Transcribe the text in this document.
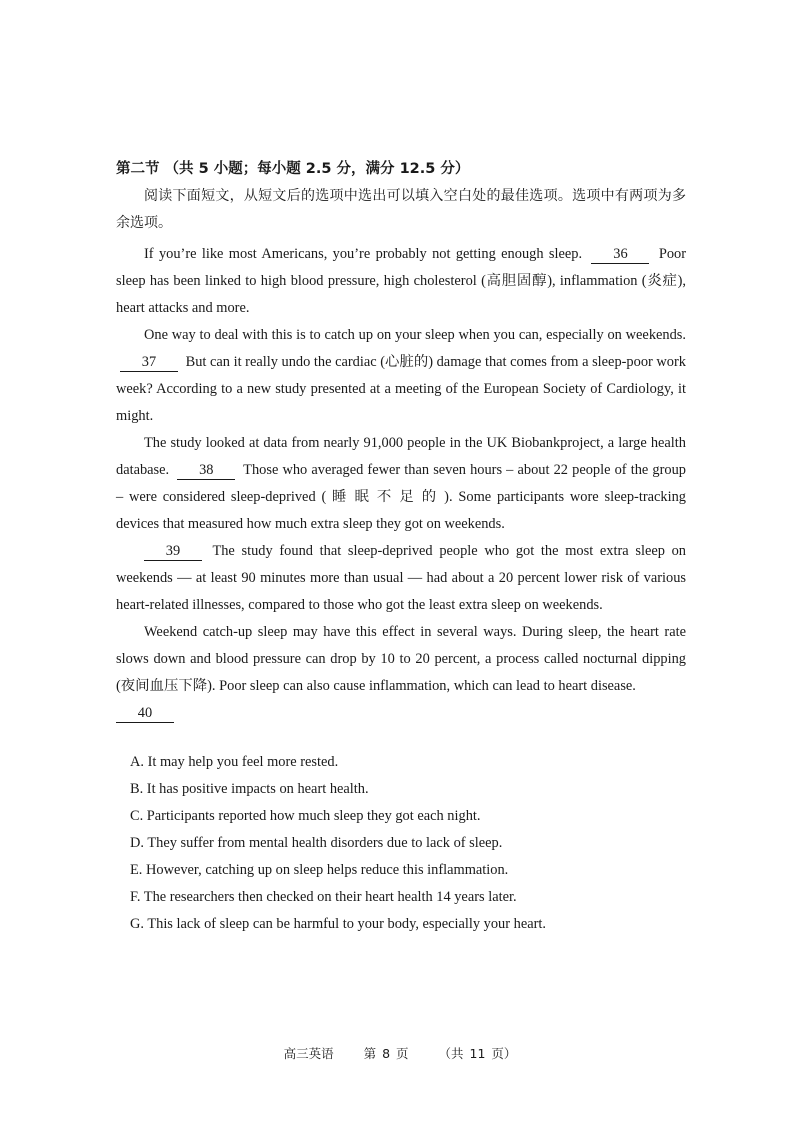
第二节 （共 5 小题；每小题 2.5 分，满分 12.5 分）

阅读下面短文，从短文后的选项中选出可以填入空白处的最佳选项。选项中有两项为多余选项。

If you’re like most Americans, you’re probably not getting enough sleep. 36 Poor sleep has been linked to high blood pressure, high cholesterol (高胆固醇), inflammation (炎症), heart attacks and more.

One way to deal with this is to catch up on your sleep when you can, especially on weekends. 37 But can it really undo the cardiac (心脏的) damage that comes from a sleep-poor work week? According to a new study presented at a meeting of the European Society of Cardiology, it might.

The study looked at data from nearly 91,000 people in the UK Biobankproject, a large health database. 38 Those who averaged fewer than seven hours – about 22 people of the group – were considered sleep-deprived ( 睡 眠 不 足 的 ). Some participants wore sleep-tracking devices that measured how much extra sleep they got on weekends.

39 The study found that sleep-deprived people who got the most extra sleep on weekends — at least 90 minutes more than usual — had about a 20 percent lower risk of various heart-related illnesses, compared to those who got the least extra sleep on weekends.

Weekend catch-up sleep may have this effect in several ways. During sleep, the heart rate slows down and blood pressure can drop by 10 to 20 percent, a process called nocturnal dipping (夜间血压下降). Poor sleep can also cause inflammation, which can lead to heart disease.

40

A. It may help you feel more rested.

B. It has positive impacts on heart health.

C. Participants reported how much sleep they got each night.

D. They suffer from mental health disorders due to lack of sleep.

E. However, catching up on sleep helps reduce this inflammation.

F. The researchers then checked on their heart health 14 years later.

G. This lack of sleep can be harmful to your body, especially your heart.

高三英语 第 8 页 （共 11 页）
